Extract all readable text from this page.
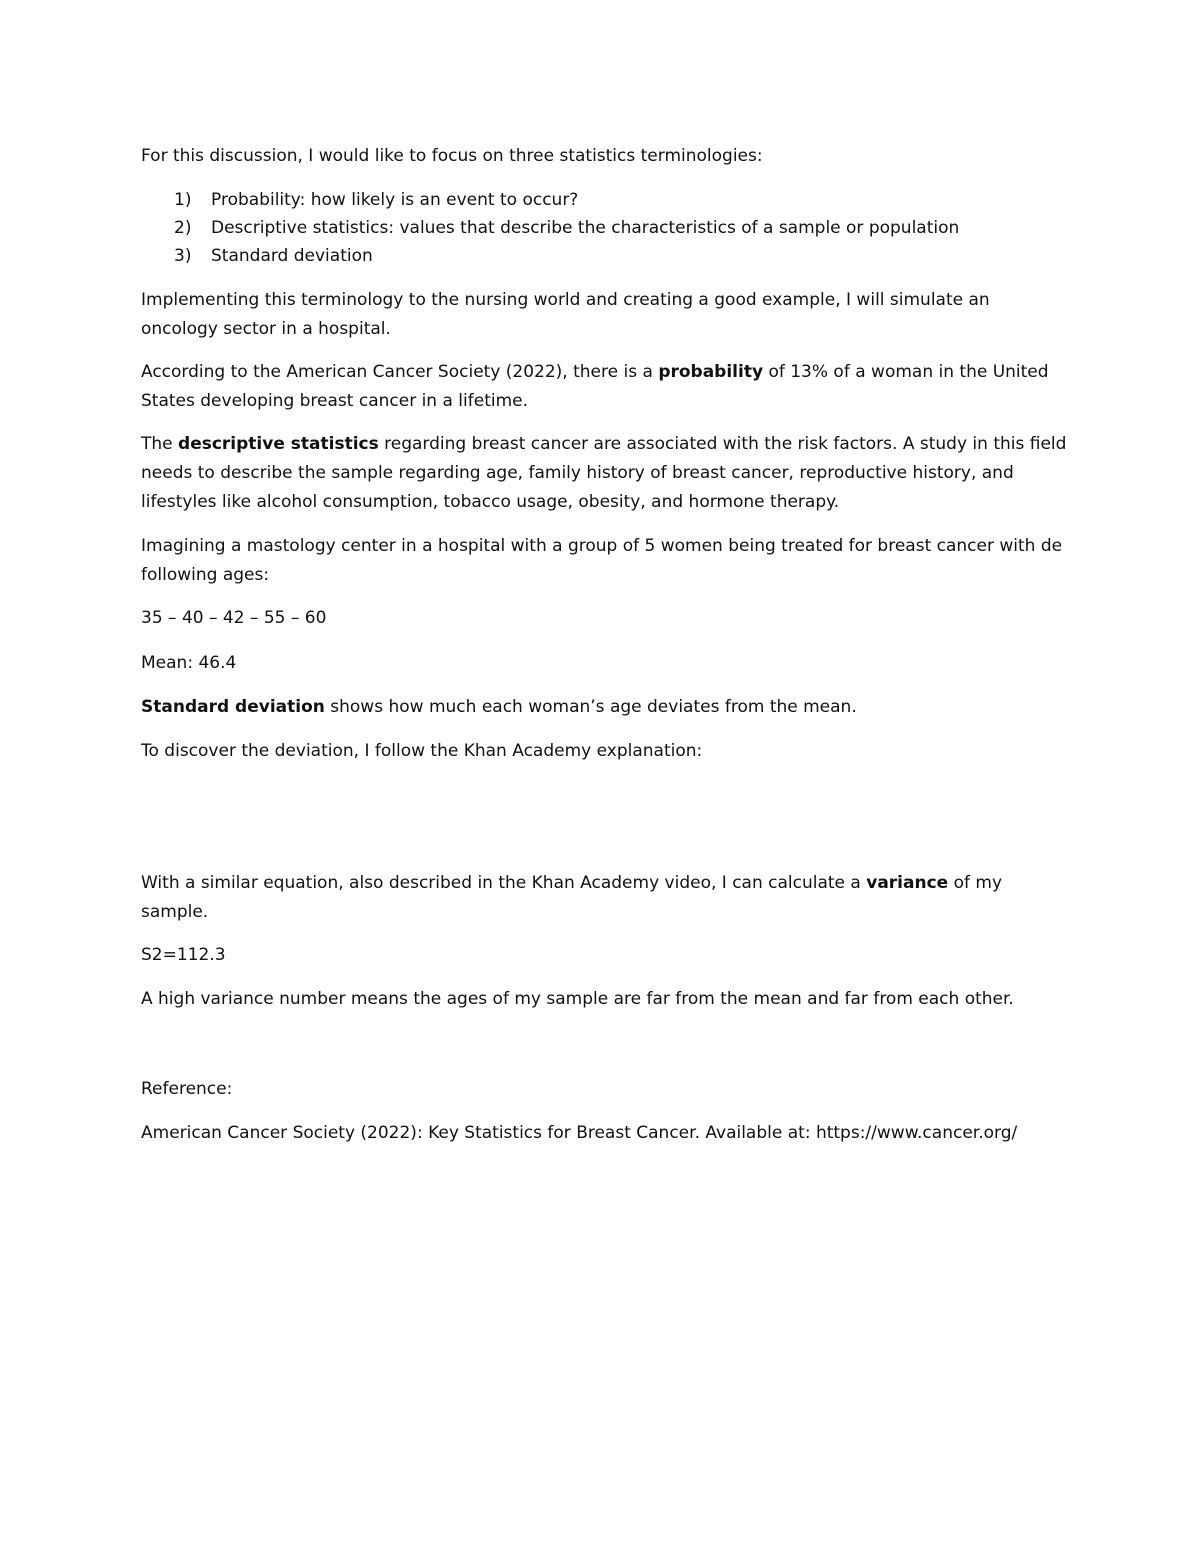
For this discussion, I would like to focus on three statistics terminologies:

1)	Probability: how likely is an event to occur?
2)	Descriptive statistics: values that describe the characteristics of a sample or population
3)	Standard deviation

Implementing this terminology to the nursing world and creating a good example, I will simulate an oncology sector in a hospital.

According to the American Cancer Society (2022), there is a probability of 13% of a woman in the United States developing breast cancer in a lifetime.

The descriptive statistics regarding breast cancer are associated with the risk factors. A study in this field needs to describe the sample regarding age, family history of breast cancer, reproductive history, and lifestyles like alcohol consumption, tobacco usage, obesity, and hormone therapy.

Imagining a mastology center in a hospital with a group of 5 women being treated for breast cancer with de following ages:

35 – 40 – 42 – 55 – 60

Mean: 46.4

Standard deviation shows how much each woman’s age deviates from the mean.

To discover the deviation, I follow the Khan Academy explanation:

With a similar equation, also described in the Khan Academy video, I can calculate a variance of my sample.

S2=112.3

A high variance number means the ages of my sample are far from the mean and far from each other.

Reference:

American Cancer Society (2022): Key Statistics for Breast Cancer. Available at: https://www.cancer.org/
